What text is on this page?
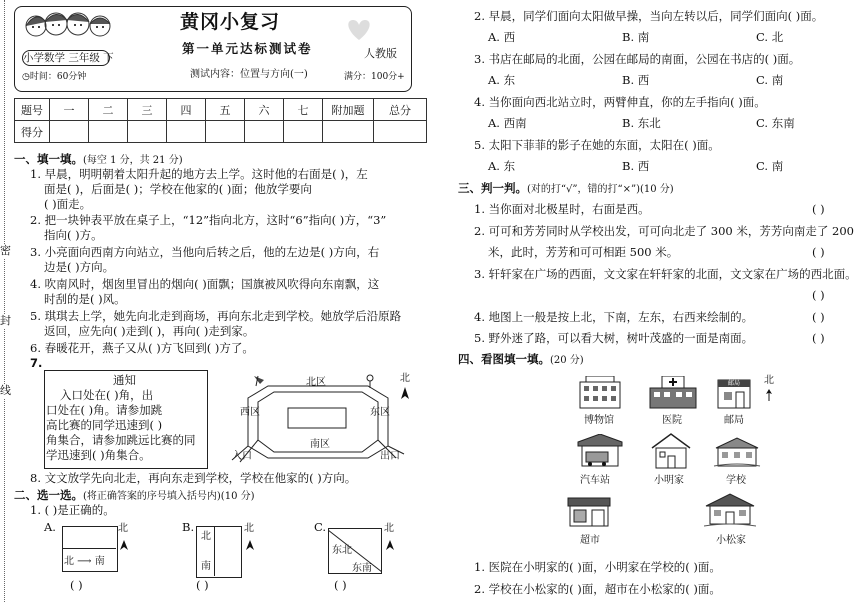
密
封
线
小学数学 三年级 下
◷时间：60分钟
黄冈小复习
第一单元达标测试卷
测试内容：位置与方向(一)
人教版
满分：100分+
题号	一	二	三	四	五	六	七	附加题	总分
得分									
一、填一填。(每空 1 分，共 21 分)
1. 早晨，明明朝着太阳升起的地方去上学。这时他的右面是( )，左
面是( )，后面是( )；学校在他家的( )面；他放学要向
( )面走。
2. 把一块钟表平放在桌子上，“12”指向北方，这时“6”指向( )方，“3”
指向( )方。
3. 小亮面向西南方向站立，当他向后转之后，他的左边是( )方向，右
边是( )方向。
4. 吹南风时，烟囱里冒出的烟向( )面飘；国旗被风吹得向东南飘，这
时刮的是( )风。
5. 琪琪去上学，她先向北走到商场，再向东北走到学校。她放学后沿原路
返回，应先向( )走到( )，再向( )走到家。
6. 春暖花开，燕子又从( )方飞回到( )方了。
7.
通知
入口处在( )角，出
口处在( )角。请参加跳
高比赛的同学迅速到( )
角集合，请参加跳远比赛的同
学迅速到( )角集合。
北区
西区	东区
南区
入口	出口
北
8. 文文放学先向北走，再向东走到学校，学校在他家的( )方向。
二、选一选。(将正确答案的序号填入括号内)(10 分)
1. ( )是正确的。
A.
北 ⟶ 南
北
( )
B.
北
南
北
( )
C.
东北
东南
北
( )
2. 早晨，同学们面向太阳做早操，当向左转以后，同学们面向( )面。
A. 西	B. 南	C. 北
3. 书店在邮局的北面，公园在邮局的南面，公园在书店的( )面。
A. 东	B. 西	C. 南
4. 当你面向西北站立时，两臂伸直，你的左手指向( )面。
A. 西南	B. 东北	C. 东南
5. 太阳下菲菲的影子在她的东面，太阳在( )面。
A. 东	B. 西	C. 南
三、判一判。(对的打“√”，错的打“×”)(10 分)
1. 当你面对北极星时，右面是西。	( )
2. 可可和芳芳同时从学校出发，可可向北走了 300 米，芳芳向南走了 200
米，此时，芳芳和可可相距 500 米。	( )
3. 轩轩家在广场的西面，文文家在轩轩家的北面，文文家在广场的西北面。
( )
4. 地图上一般是按上北，下南，左东，右西来绘制的。	( )
5. 野外迷了路，可以看大树，树叶茂盛的一面是南面。	( )
四、看图填一填。(20 分)
博物馆	医院
邮局
邮局
北
汽车站	小明家	学校
超市	小松家
1. 医院在小明家的( )面，小明家在学校的( )面。
2. 学校在小松家的( )面，超市在小松家的( )面。
